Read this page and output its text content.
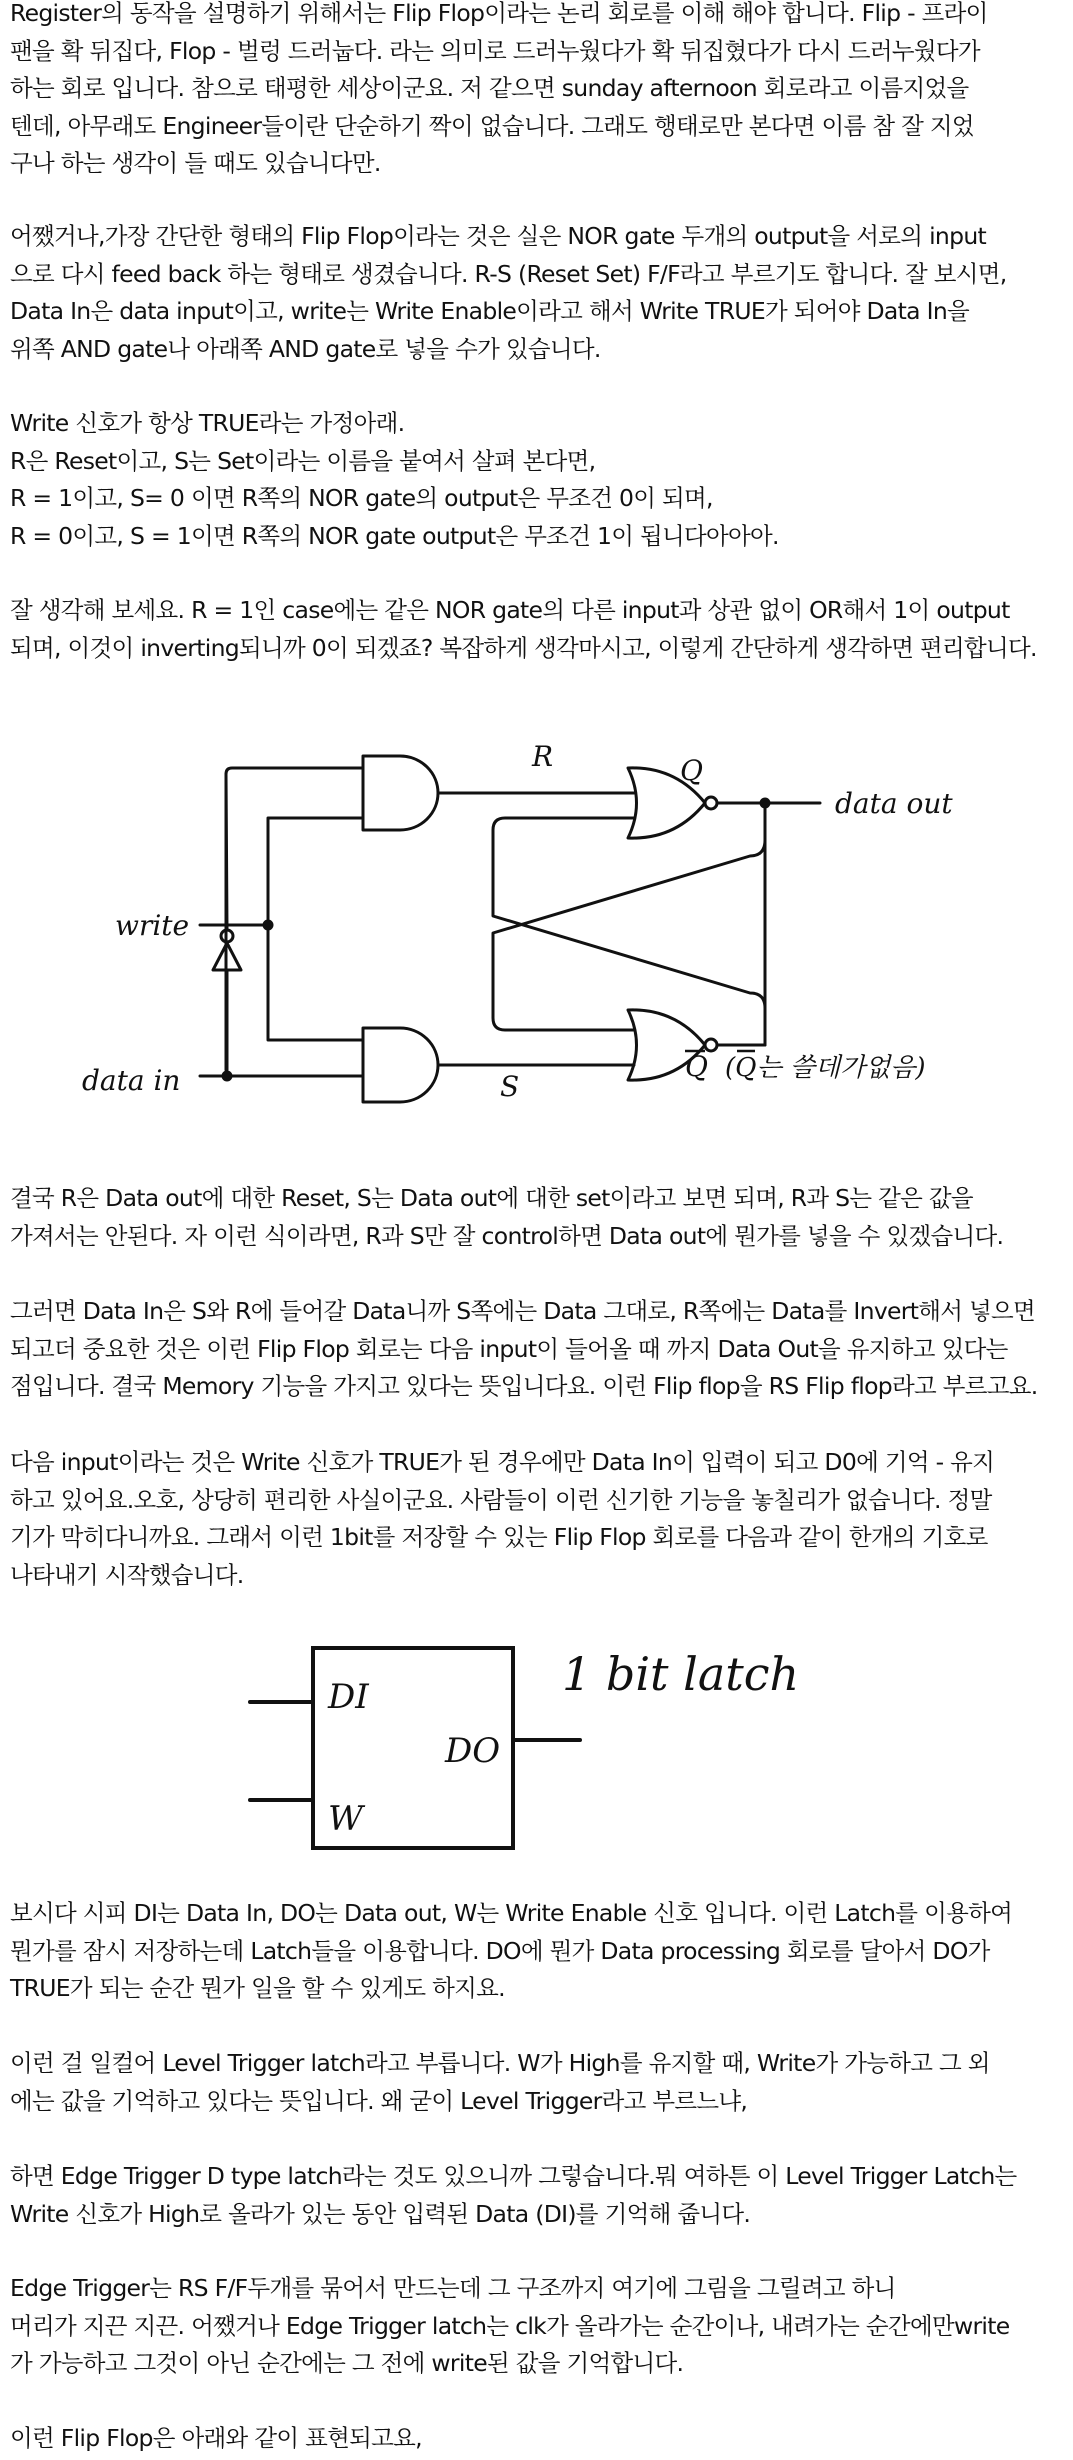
Register의 동작을 설명하기 위해서는 Flip Flop이라는 논리 회로를 이해 해야 합니다. Flip - 프라이
팬을 확 뒤집다, Flop - 벌렁 드러눕다. 라는 의미로 드러누웠다가 확 뒤집혔다가 다시 드러누웠다가
하는 회로 입니다. 참으로 태평한 세상이군요. 저 같으면 sunday afternoon 회로라고 이름지었을
텐데, 아무래도 Engineer들이란 단순하기 짝이 없습니다. 그래도 행태로만 본다면 이름 참 잘 지었
구나 하는 생각이 들 때도 있습니다만.
어쨌거나,가장 간단한 형태의 Flip Flop이라는 것은 실은 NOR gate 두개의 output을 서로의 input
으로 다시 feed back 하는 형태로 생겼습니다. R-S (Reset Set) F/F라고 부르기도 합니다. 잘 보시면,
Data In은 data input이고, write는 Write Enable이라고 해서 Write TRUE가 되어야 Data In을
위쪽 AND gate나 아래쪽 AND gate로 넣을 수가 있습니다.
Write 신호가 항상 TRUE라는 가정아래.
R은 Reset이고, S는 Set이라는 이름을 붙여서 살펴 본다면,
R = 1이고, S= 0 이면 R쪽의 NOR gate의 output은 무조건 0이 되며,
R = 0이고, S = 1이면 R쪽의 NOR gate output은 무조건 1이 됩니다아아아.
잘 생각해 보세요. R = 1인 case에는 같은 NOR gate의 다른 input과 상관 없이 OR해서 1이 output
되며, 이것이 inverting되니까 0이 되겠죠? 복잡하게 생각마시고, 이렇게 간단하게 생각하면 편리합니다.
R	Q
data out
write
data in	S
Q (Q는 쓸데가없음)
결국 R은 Data out에 대한 Reset, S는 Data out에 대한 set이라고 보면 되며, R과 S는 같은 값을
가져서는 안된다. 자 이런 식이라면, R과 S만 잘 control하면 Data out에 뭔가를 넣을 수 있겠습니다.
그러면 Data In은 S와 R에 들어갈 Data니까 S쪽에는 Data 그대로, R쪽에는 Data를 Invert해서 넣으면
되고더 중요한 것은 이런 Flip Flop 회로는 다음 input이 들어올 때 까지 Data Out을 유지하고 있다는
점입니다. 결국 Memory 기능을 가지고 있다는 뜻입니다요. 이런 Flip flop을 RS Flip flop라고 부르고요.
다음 input이라는 것은 Write 신호가 TRUE가 된 경우에만 Data In이 입력이 되고 D0에 기억 - 유지
하고 있어요.오호, 상당히 편리한 사실이군요. 사람들이 이런 신기한 기능을 놓칠리가 없습니다. 정말
기가 막히다니까요. 그래서 이런 1bit를 저장할 수 있는 Flip Flop 회로를 다음과 같이 한개의 기호로
나타내기 시작했습니다.
1 bit latch
DI
DO
W
보시다 시피 DI는 Data In, DO는 Data out, W는 Write Enable 신호 입니다. 이런 Latch를 이용하여
뭔가를 잠시 저장하는데 Latch들을 이용합니다. DO에 뭔가 Data processing 회로를 달아서 DO가
TRUE가 되는 순간 뭔가 일을 할 수 있게도 하지요.
이런 걸 일컬어 Level Trigger latch라고 부릅니다. W가 High를 유지할 때, Write가 가능하고 그 외
에는 값을 기억하고 있다는 뜻입니다. 왜 굳이 Level Trigger라고 부르느냐,
하면 Edge Trigger D type latch라는 것도 있으니까 그렇습니다.뭐 여하튼 이 Level Trigger Latch는
Write 신호가 High로 올라가 있는 동안 입력된 Data (DI)를 기억해 줍니다.
Edge Trigger는 RS F/F두개를 묶어서 만드는데 그 구조까지 여기에 그림을 그릴려고 하니
머리가 지끈 지끈. 어쨌거나 Edge Trigger latch는 clk가 올라가는 순간이나, 내려가는 순간에만write
가 가능하고 그것이 아닌 순간에는 그 전에 write된 값을 기억합니다.
이런 Flip Flop은 아래와 같이 표현되고요,
